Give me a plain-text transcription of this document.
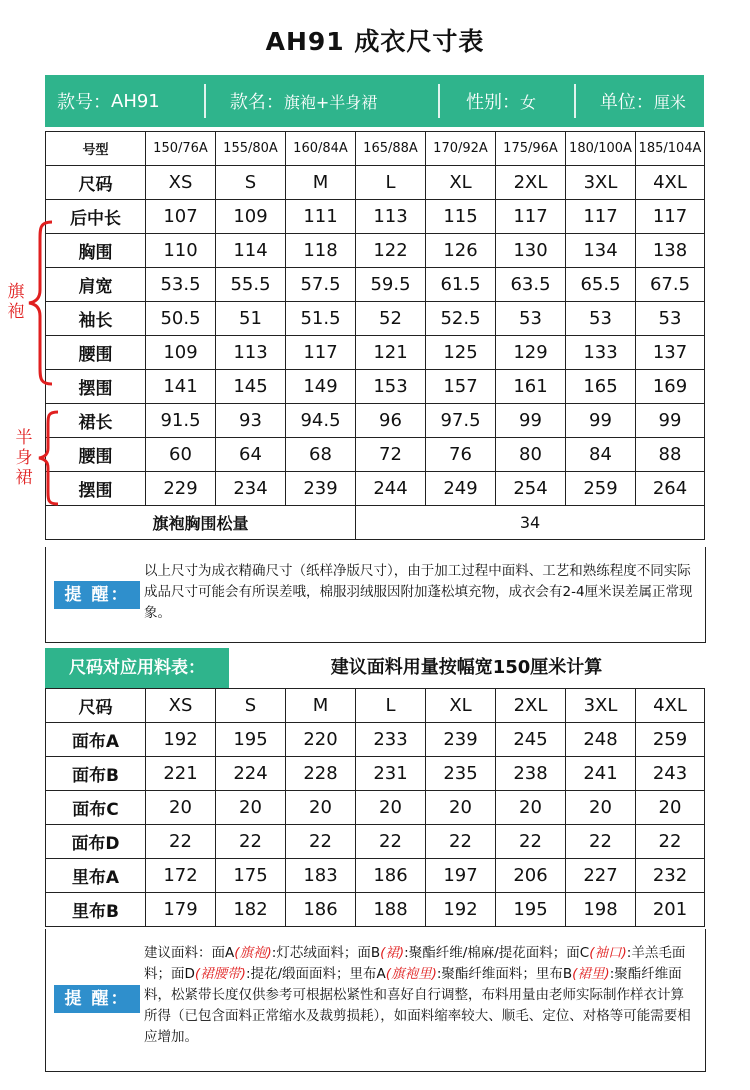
AH91 成衣尺寸表
款号： AH91	款名： 旗袍+半身裙	性别： 女	单位： 厘米
号型	150/76A	155/80A	160/84A	165/88A	170/92A	175/96A	180/100A	185/104A
尺码	XS	S	M	L	XL	2XL	3XL	4XL
后中长	107	109	111	113	115	117	117	117
胸围	110	114	118	122	126	130	134	138
肩宽	53.5	55.5	57.5	59.5	61.5	63.5	65.5	67.5
袖长	50.5	51	51.5	52	52.5	53	53	53
腰围	109	113	117	121	125	129	133	137
摆围	141	145	149	153	157	161	165	169
裙长	91.5	93	94.5	96	97.5	99	99	99
腰围	60	64	68	72	76	80	84	88
摆围	229	234	239	244	249	254	259	264
旗袍胸围松量				34				
旗袍
半身裙
提 醒：
以上尺寸为成衣精确尺寸（纸样净版尺寸），由于加工过程中面料、工艺和熟练程度不同实际成品尺寸可能会有所误差哦，棉服羽绒服因附加蓬松填充物，成衣会有2-4厘米误差属正常现象。
尺码对应用料表：	建议面料用量按幅宽150厘米计算
尺码	XS	S	M	L	XL	2XL	3XL	4XL
面布A	192	195	220	233	239	245	248	259
面布B	221	224	228	231	235	238	241	243
面布C	20	20	20	20	20	20	20	20
面布D	22	22	22	22	22	22	22	22
里布A	172	175	183	186	197	206	227	232
里布B	179	182	186	188	192	195	198	201
提 醒：
建议面料：面A(旗袍):灯芯绒面料；面B(裙):聚酯纤维/棉麻/提花面料；面C(袖口):羊羔毛面料；面D(裙腰带):提花/缎面面料；里布A(旗袍里):聚酯纤维面料；里布B(裙里):聚酯纤维面料，松紧带长度仅供参考可根据松紧性和喜好自行调整，布料用量由老师实际制作样衣计算所得（已包含面料正常缩水及裁剪损耗），如面料缩率较大、顺毛、定位、对格等可能需要相应增加。
